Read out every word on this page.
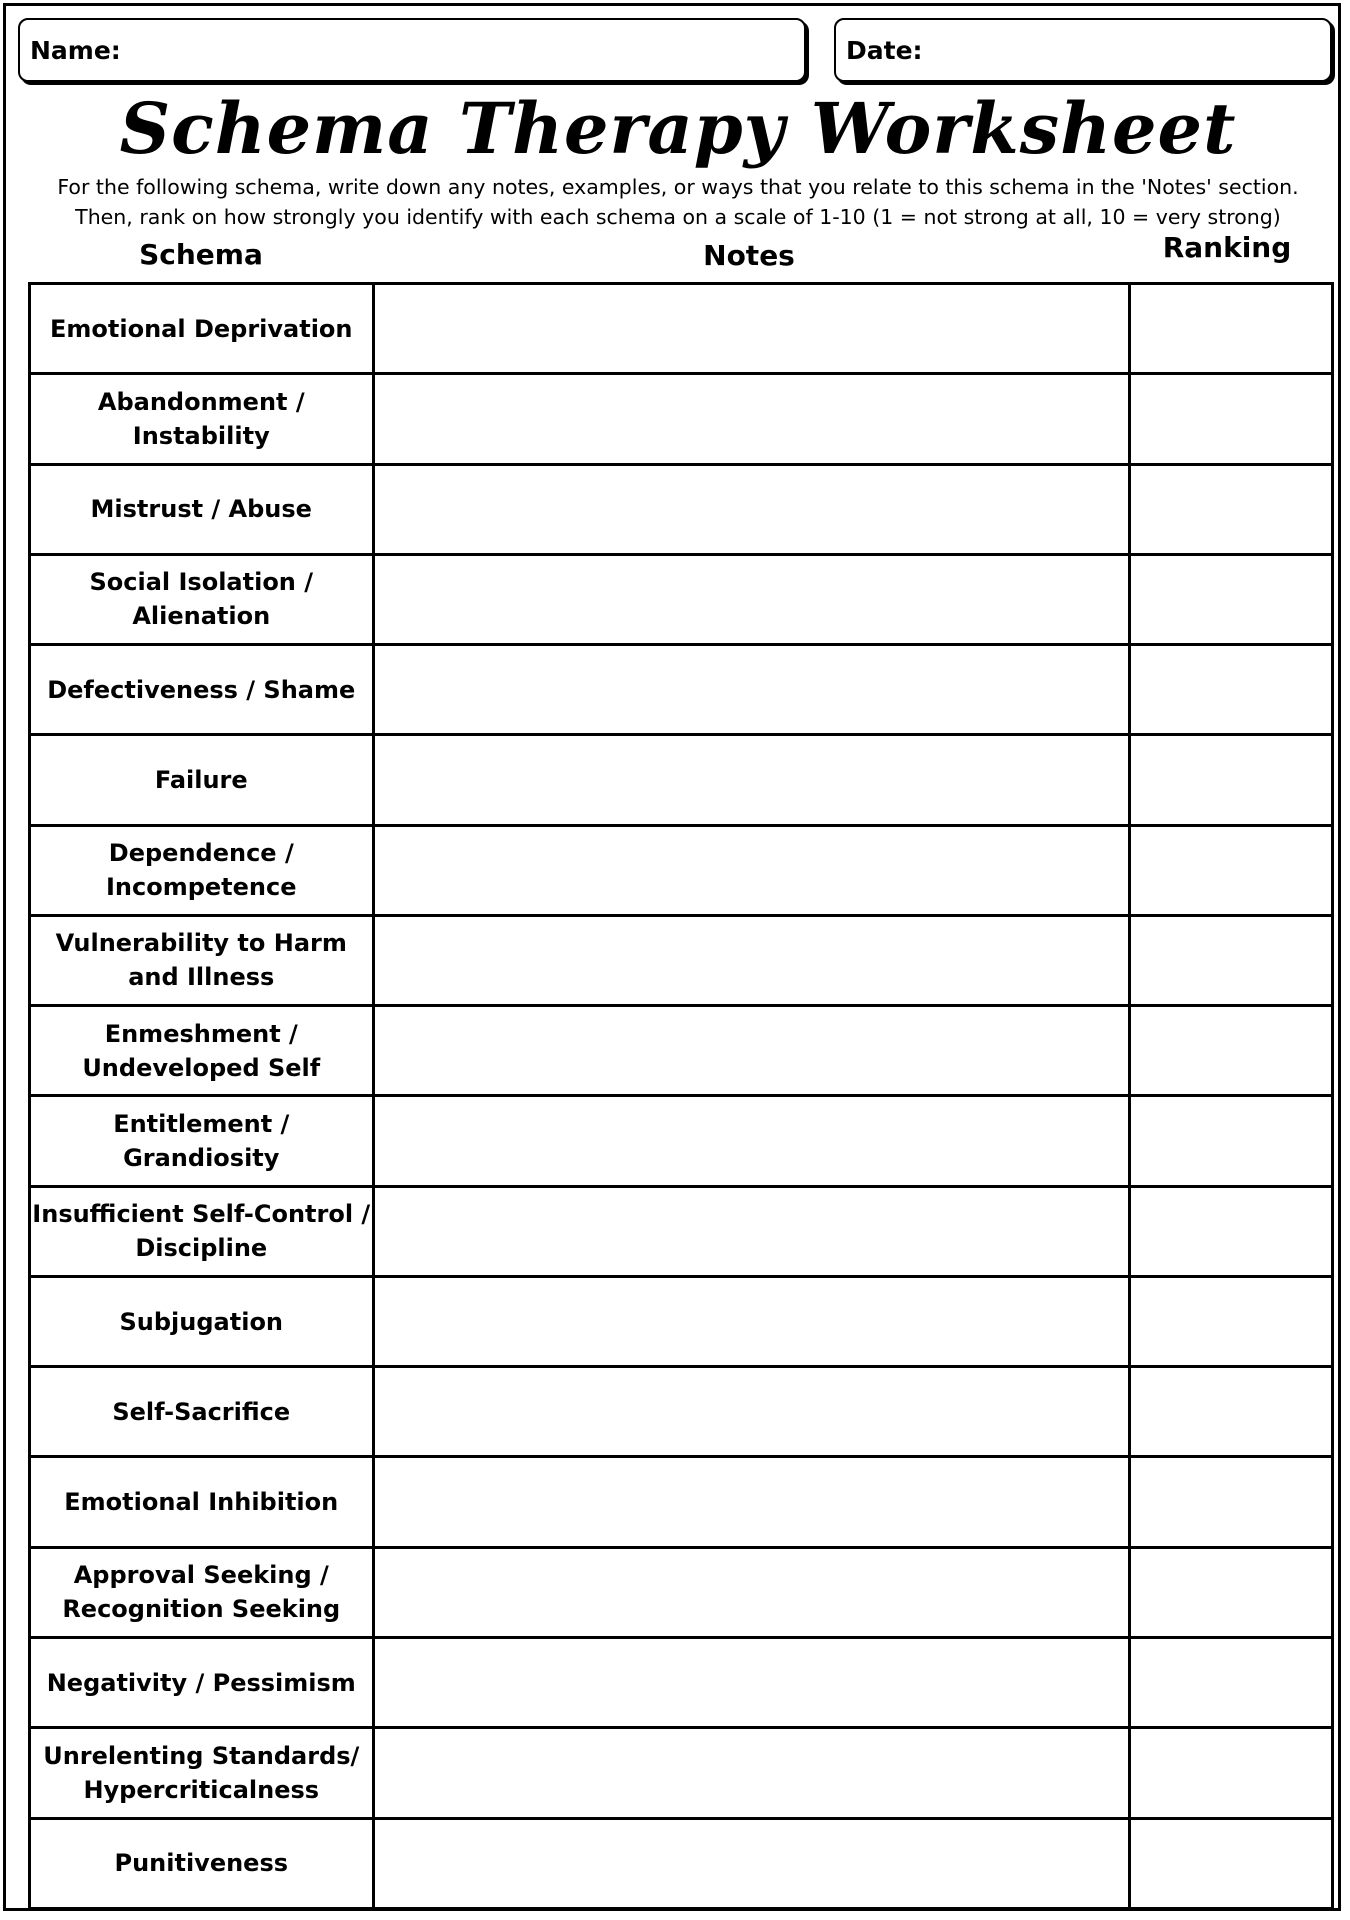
Name:	Date:
Schema Therapy Worksheet
For the following schema, write down any notes, examples, or ways that you relate to this schema in the 'Notes' section.
Then, rank on how strongly you identify with each schema on a scale of 1-10 (1 = not strong at all, 10 = very strong)
Schema	Notes	Ranking
Emotional Deprivation		
Abandonment / Instability		
Mistrust / Abuse		
Social Isolation / Alienation		
Defectiveness / Shame		
Failure		
Dependence / Incompetence		
Vulnerability to Harm and Illness		
Enmeshment / Undeveloped Self		
Entitlement / Grandiosity		
Insufficient Self-Control / Discipline		
Subjugation		
Self-Sacrifice		
Emotional Inhibition		
Approval Seeking / Recognition Seeking		
Negativity / Pessimism		
Unrelenting Standards/ Hypercriticalness		
Punitiveness		
